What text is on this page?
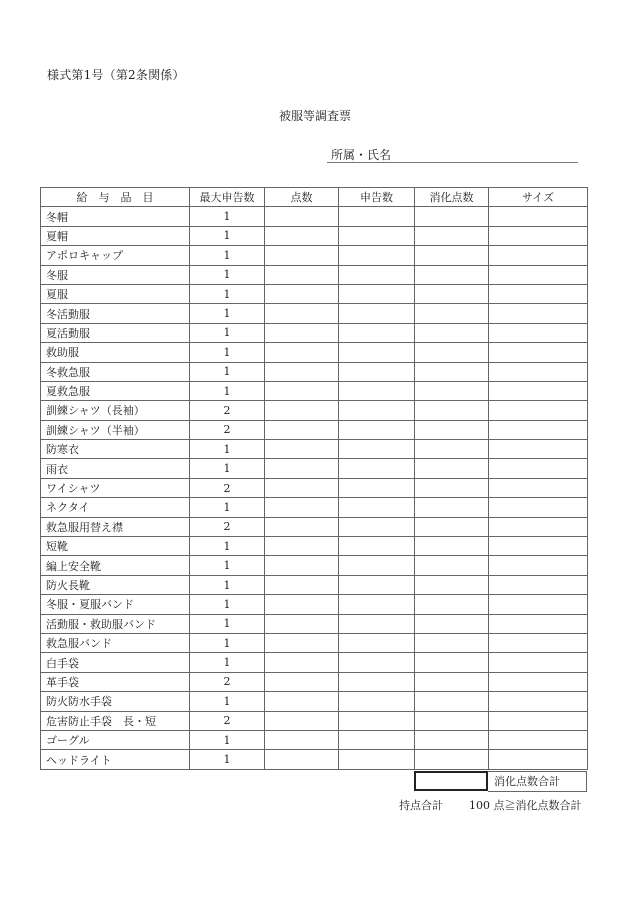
様式第1号（第2条関係）
被服等調査票
所属・氏名
給　与　品　目	最大申告数	点数	申告数	消化点数	サイズ
冬帽	1				
夏帽	1				
アポロキャップ	1				
冬服	1				
夏服	1				
冬活動服	1				
夏活動服	1				
救助服	1				
冬救急服	1				
夏救急服	1				
訓練シャツ（長袖）	2				
訓練シャツ（半袖）	2				
防寒衣	1				
雨衣	1				
ワイシャツ	2				
ネクタイ	1				
救急服用替え襟	2				
短靴	1				
編上安全靴	1				
防火長靴	1				
冬服・夏服バンド	1				
活動服・救助服バンド	1				
救急服バンド	1				
白手袋	1				
革手袋	2				
防火防水手袋	1				
危害防止手袋　長・短	2				
ゴーグル	1				
ヘッドライト	1				
消化点数合計
持点合計 100 点≧消化点数合計
